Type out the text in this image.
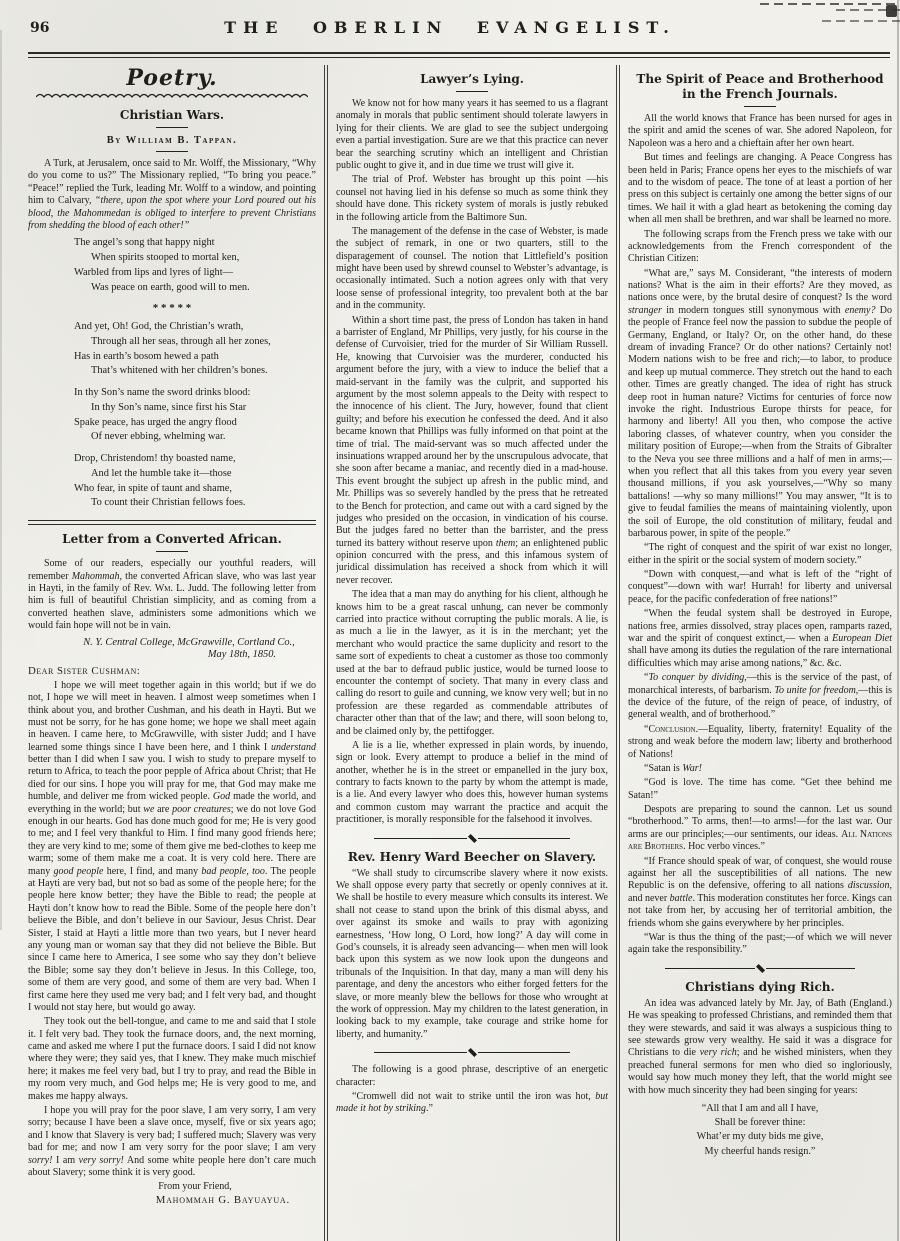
96	THE OBERLIN EVANGELIST.
Poetry.
Christian Wars.
By William B. Tappan.

A Turk, at Jerusalem, once said to Mr. Wolff, the Missionary, “Why do you come to us?” The Missionary replied, “To bring you peace.” “Peace!” replied the Turk, leading Mr. Wolff to a window, and pointing him to Calvary, “there, upon the spot where your Lord poured out his blood, the Mahommedan is obliged to interfere to prevent Christians from shedding the blood of each other!”

The angel’s song that happy night
When spirits stooped to mortal ken,
Warbled from lips and lyres of light—
Was peace on earth, good will to men.
* * * * *
And yet, Oh! God, the Christian’s wrath,
Through all her seas, through all her zones,
Has in earth’s bosom hewed a path
That’s whitened with her children’s bones.
In thy Son’s name the sword drinks blood:
In thy Son’s name, since first his Star
Spake peace, has urged the angry flood
Of never ebbing, whelming war.
Drop, Christendom! thy boasted name,
And let the humble take it—those
Who fear, in spite of taunt and shame,
To count their Christian fellows foes.
Letter from a Converted African.

Some of our readers, especially our youthful readers, will remember Mahommah, the converted African slave, who was last year in Hayti, in the family of Rev. Wm. L. Judd. The following letter from him is full of beautiful Christian simplicity, and as coming from a converted heathen slave, administers some admonitions which we would fain hope will not be in vain.

N. Y. Central College, McGrawville, Cortland Co.,
May 18th, 1850.
Dear Sister Cushman:

I hope we will meet together again in this world; but if we do not, I hope we will meet in heaven. I almost weep sometimes when I think about you, and brother Cushman, and his death in Hayti. But we must not be sorry, for he has gone home; we hope we shall meet again in heaven. I came here, to McGrawville, with sister Judd; and I have learned some things since I have been here, and I think I understand better than I did when I saw you. I wish to study to prepare myself to return to Africa, to teach the poor pepple of Africa about Christ; that He died for our sins. I hope you will pray for me, that God may make me humble, and deliver me from wicked people. God made the world, and everything in the world; but we are poor creatures; we do not love God enough in our hearts. God has done much good for me; He is very good to me; and I feel very thankful to Him. I find many good friends here; they are very kind to me; some of them give me bed-clothes to keep me warm; some of them make me a coat. It is very cold here. There are many good people here, I find, and many bad people, too. The people at Hayti are very bad, but not so bad as some of the people here; for the people here know better; they have the Bible to read; the people at Hayti don’t know how to read the Bible. Some of the people here don’t believe the Bible, and don’t believe in our Saviour, Jesus Christ. Dear Sister, I staid at Hayti a little more than two years, but I never heard any young man or woman say that they did not believe the Bible. But since I came here to America, I see some who say they don’t believe the Bible; some say they don’t believe in Jesus. In this College, too, some of them are very good, and some of them are very bad. When I first came here they used me very bad; and I felt very bad, and thought I would not stay here, but would go away.

They took out the bell-tongue, and came to me and said that I stole it. I felt very bad. They took the furnace doors, and, the next morning, came and asked me where I put the furnace doors. I said I did not know where they were; they said yes, that I knew. They make much mischief here; it makes me feel very bad, but I try to pray, and read the Bible in my room very much, and God helps me; He is very good to me, and makes me happy always.

I hope you will pray for the poor slave, I am very sorry, I am very sorry; because I have been a slave once, myself, five or six years ago; and I know that Slavery is very bad; I suffered much; Slavery was very bad for me; and now I am very sorry for the poor slave; I am very sorry! I am very sorry! And some white people here don’t care much about Slavery; some think it is very good.

From your Friend,
Mahommah G. Bayuayua.
Lawyer’s Lying.

We know not for how many years it has seemed to us a flagrant anomaly in morals that public sentiment should tolerate lawyers in lying for their clients. We are glad to see the subject undergoing even a partial investigation. Sure are we that this practice can never bear the searching scrutiny which an intelligent and Christian public ought to give it, and in due time we trust will give it.

The trial of Prof. Webster has brought up this point —his counsel not having lied in his defense so much as some think they should have done. This rickety system of morals is justly rebuked in the following article from the Baltimore Sun.

The management of the defense in the case of Webster, is made the subject of remark, in one or two quarters, still to the disparagement of counsel. The notion that Littlefield’s position might have been used by shrewd counsel to Webster’s advantage, is occasionally intimated. Such a notion agrees only with that very loose sense of professional integrity, too prevalent both at the bar and in the community.

Within a short time past, the press of London has taken in hand a barrister of England, Mr Phillips, very justly, for his course in the defense of Curvoisier, tried for the murder of Sir William Russell. He, knowing that Curvoisier was the murderer, conducted his argument before the jury, with a view to induce the belief that a maid-servant in the family was the culprit, and supported his argument by the most solemn appeals to the Deity with respect to the innocence of his client. The Jury, however, found that client guilty; and before his execution he confessed the deed. And it also became known that Phillips was fully informed on that point at the time of trial. The maid-servant was so much affected under the insinuations wrapped around her by the unscrupulous advocate, that she soon after became a maniac, and recently died in a mad-house. This event brought the subject up afresh in the public mind, and Mr. Phillips was so severely handled by the press that he retreated to the Bench for protection, and came out with a card signed by the judges who presided on the occasion, in vindication of his course. But the judges fared no better than the barrister, and the press turned its battery without reserve upon them; an enlightened public opinion concurred with the press, and this infamous system of juridical dissimulation has received a shock from which it will never recover.

The idea that a man may do anything for his client, although he knows him to be a great rascal unhung, can never be commonly carried into practice without corrupting the public morals. A lie, is as much a lie in the lawyer, as it is in the merchant; yet the merchant who would practice the same duplicity and resort to the same sort of expedients to cheat a customer as those too commonly used at the bar to defraud public justice, would be turned loose to encounter the contempt of society. That many in every class and calling do resort to guile and cunning, we know very well; but in no profession are these regarded as commendable attributes of character other than that of the law; and there, will soon belong to, and be claimed only by, the pettifogger.

A lie is a lie, whether expressed in plain words, by inuendo, sign or look. Every attempt to produce a belief in the mind of another, whether he is in the street or empanelled in the jury box, contrary to facts known to the party by whom the attempt is made, is a lie. And every lawyer who does this, however human systems and common custom may warrant the practice and acquit the practitioner, is morally responsible for the falsehood it involves.

Rev. Henry Ward Beecher on Slavery.

“We shall study to circumscribe slavery where it now exists. We shall oppose every party that secretly or openly connives at it. We shall be hostile to every measure which consults its interest. We shall not cease to stand upon the brink of this dismal abyss, and over against its smoke and wails to pray with agonizing earnestness, ‘How long, O Lord, how long?’ A day will come in God’s counsels, it is already seen advancing— when men will look back upon this system as we now look upon the dungeons and tribunals of the Inquisition. In that day, many a man will deny his parentage, and deny the ancestors who either forged fetters for the slave, or more meanly blew the bellows for those who wrought at the work of oppression. May my children to the latest generation, in looking back to my example, take courage and strike home for liberty, and humanity.”

The following is a good phrase, descriptive of an energetic character:

“Cromwell did not wait to strike until the iron was hot, but made it hot by striking.”

The Spirit of Peace and Brotherhood in the French Journals.

All the world knows that France has been nursed for ages in the spirit and amid the scenes of war. She adored Napoleon, for Napoleon was a hero and a chieftain after her own heart.

But times and feelings are changing. A Peace Congress has been held in Paris; France opens her eyes to the mischiefs of war and to the wisdom of peace. The tone of at least a portion of her press on this subject is certainly one among the better signs of our times. We hail it with a glad heart as betokening the coming day when all men shall be brethren, and war shall be learned no more.

The following scraps from the French press we take with our acknowledgements from the French correspondent of the Christian Citizen:

“What are,” says M. Considerant, “the interests of modern nations? What is the aim in their efforts? Are they moved, as nations once were, by the brutal desire of conquest? Is the word stranger in modern tongues still synonymous with enemy? Do the people of France feel now the passion to subdue the people of Germany, England, or Italy? Or, on the other hand, do these dream of invading France? Or do other nations? Certainly not! Modern nations wish to be free and rich;—to labor, to produce and keep up mutual commerce. They stretch out the hand to each other. Times are greatly changed. The idea of right has struck deep root in human nature? Victims for centuries of force now invoke the right. Industrious Europe thirsts for peace, for harmony and liberty! All you then, who compose the active laboring classes, of whatever country, when you consider the military position of Europe;—when from the Straits of Gibralter to the Neva you see three millions and a half of men in arms;—when you reflect that all this takes from you every year seven thousand millions, if you ask yourselves,—“Why so many battalions! —why so many millions!” You may answer, “It is to give to feudal families the means of maintaining violently, upon the soil of Europe, the old constitution of military, feudal and barbarous power, in spite of the people.”

“The right of conquest and the spirit of war exist no longer, either in the spirit or the social system of modern society.”

“Down with conquest,—and what is left of the “right of conquest”—down with war! Hurrah! for liberty and universal peace, for the pacific confederation of free nations!”

“When the feudal system shall be destroyed in Europe, nations free, armies dissolved, stray places open, ramparts razed, war and the spirit of conquest extinct,— when a European Diet shall have among its duties the regulation of the rare international difficulties which may arise among nations,” &c. &c.

“To conquer by dividing,—this is the service of the past, of monarchical interests, of barbarism. To unite for freedom,—this is the device of the future, of the reign of peace, of industry, of general wealth, and of brotherhood.”

“Conclusion.—Equality, liberty, fraternity! Equality of the strong and weak before the modern law; liberty and brotherhood of Nations!

“Satan is War!

“God is love. The time has come. “Get thee behind me Satan!”

Despots are preparing to sound the cannon. Let us sound “brotherhood.” To arms, then!—to arms!—for the last war. Our arms are our principles;—our sentiments, our ideas. All Nations are Brothers. Hoc verbo vinces.”

“If France should speak of war, of conquest, she would rouse against her all the susceptibilities of all nations. The new Republic is on the defensive, offering to all nations discussion, and never battle. This moderation constitutes her force. Kings can not take from her, by accusing her of territorial ambition, the friends whom she gains everywhere by her principles.

“War is thus the thing of the past;—of which we will never again take the responsibility.”

Christians dying Rich.

An idea was advanced lately by Mr. Jay, of Bath (England.) He was speaking to professed Christians, and reminded them that they were stewards, and said it was always a suspicious thing to see stewards grow very wealthy. He said it was a disgrace for Christians to die very rich; and he wished ministers, when they preached funeral sermons for men who died so ingloriously, would say how much money they left, that the world might see with how much sincerity they had been singing for years:

“All that I am and all I have,
Shall be forever thine:
What’er my duty bids me give,
My cheerful hands resign.”
